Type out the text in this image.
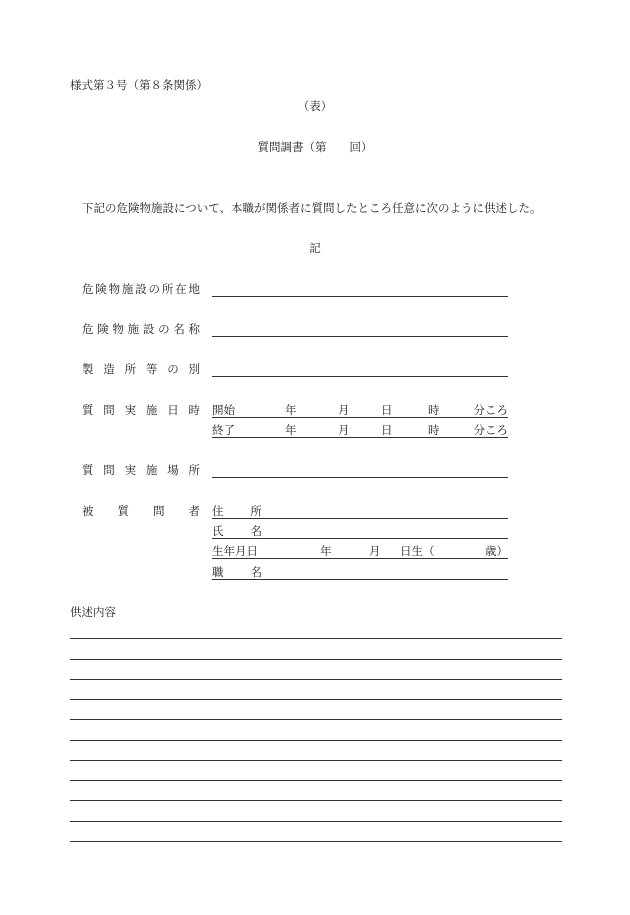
様式第３号（第８条関係）
（表）
質問調書（第　　回）
下記の危険物施設について、本職が関係者に質問したところ任意に次のように供述した。
記
危険物施設の所在地
危険物施設の名称
製造所等の別
質問実施日時 開始	年	月	日	時	分ころ
終了	年	月	日	時	分ころ
質問実施場所
被質問者 住　所
氏　名
生年月日	年	月 日生（	歳）
職　名
供述内容
